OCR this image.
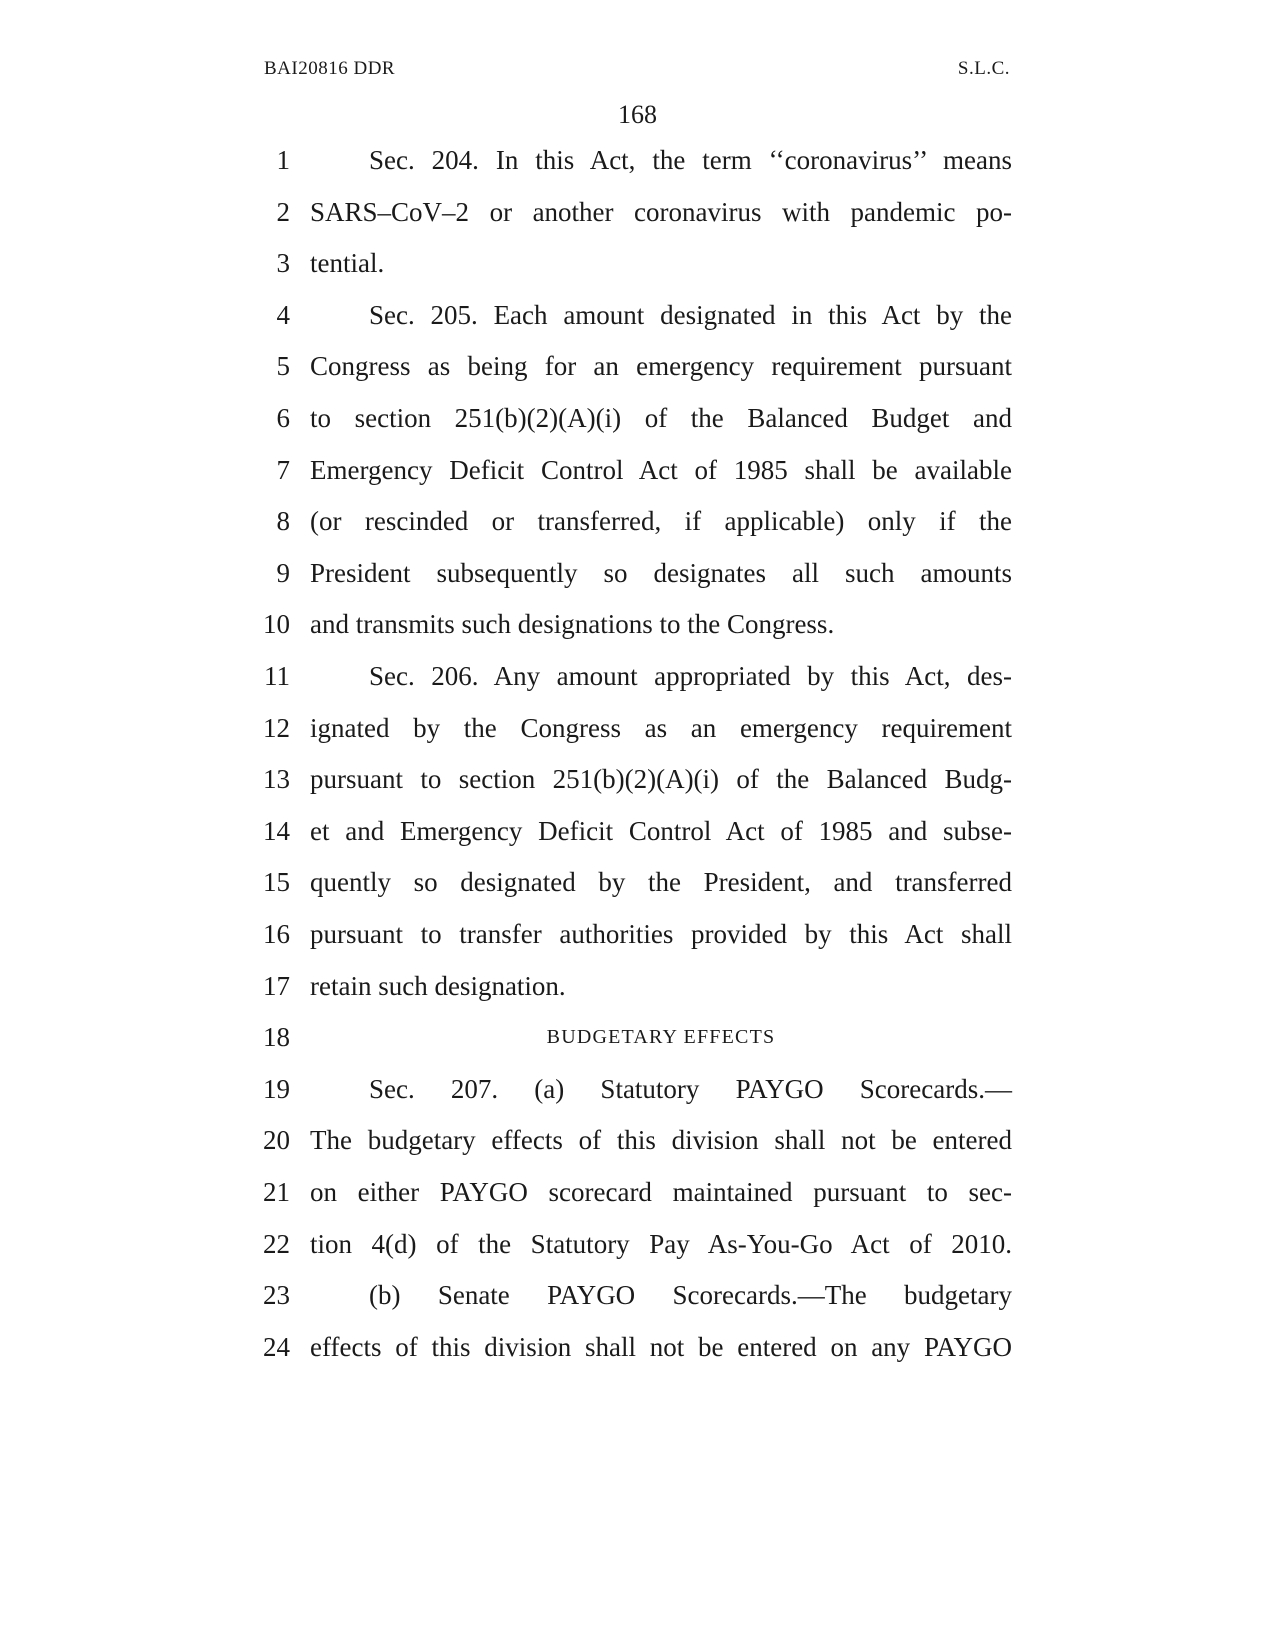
BAI20816 DDR	S.L.C.
168
1	Sec. 204. In this Act, the term ‘‘coronavirus’’ means
2 SARS–CoV–2 or another coronavirus with pandemic po-
3 tential.
4	Sec. 205. Each amount designated in this Act by the
5 Congress as being for an emergency requirement pursuant
6 to section 251(b)(2)(A)(i) of the Balanced Budget and
7 Emergency Deficit Control Act of 1985 shall be available
8 (or rescinded or transferred, if applicable) only if the
9 President subsequently so designates all such amounts
10 and transmits such designations to the Congress.
11	Sec. 206. Any amount appropriated by this Act, des-
12 ignated by the Congress as an emergency requirement
13 pursuant to section 251(b)(2)(A)(i) of the Balanced Budg-
14 et and Emergency Deficit Control Act of 1985 and subse-
15 quently so designated by the President, and transferred
16 pursuant to transfer authorities provided by this Act shall
17 retain such designation.
18	BUDGETARY EFFECTS
19	Sec. 207. (a) Statutory PAYGO Scorecards.—
20 The budgetary effects of this division shall not be entered
21 on either PAYGO scorecard maintained pursuant to sec-
22 tion 4(d) of the Statutory Pay As-You-Go Act of 2010.
23	(b) Senate PAYGO Scorecards.—The budgetary
24 effects of this division shall not be entered on any PAYGO
